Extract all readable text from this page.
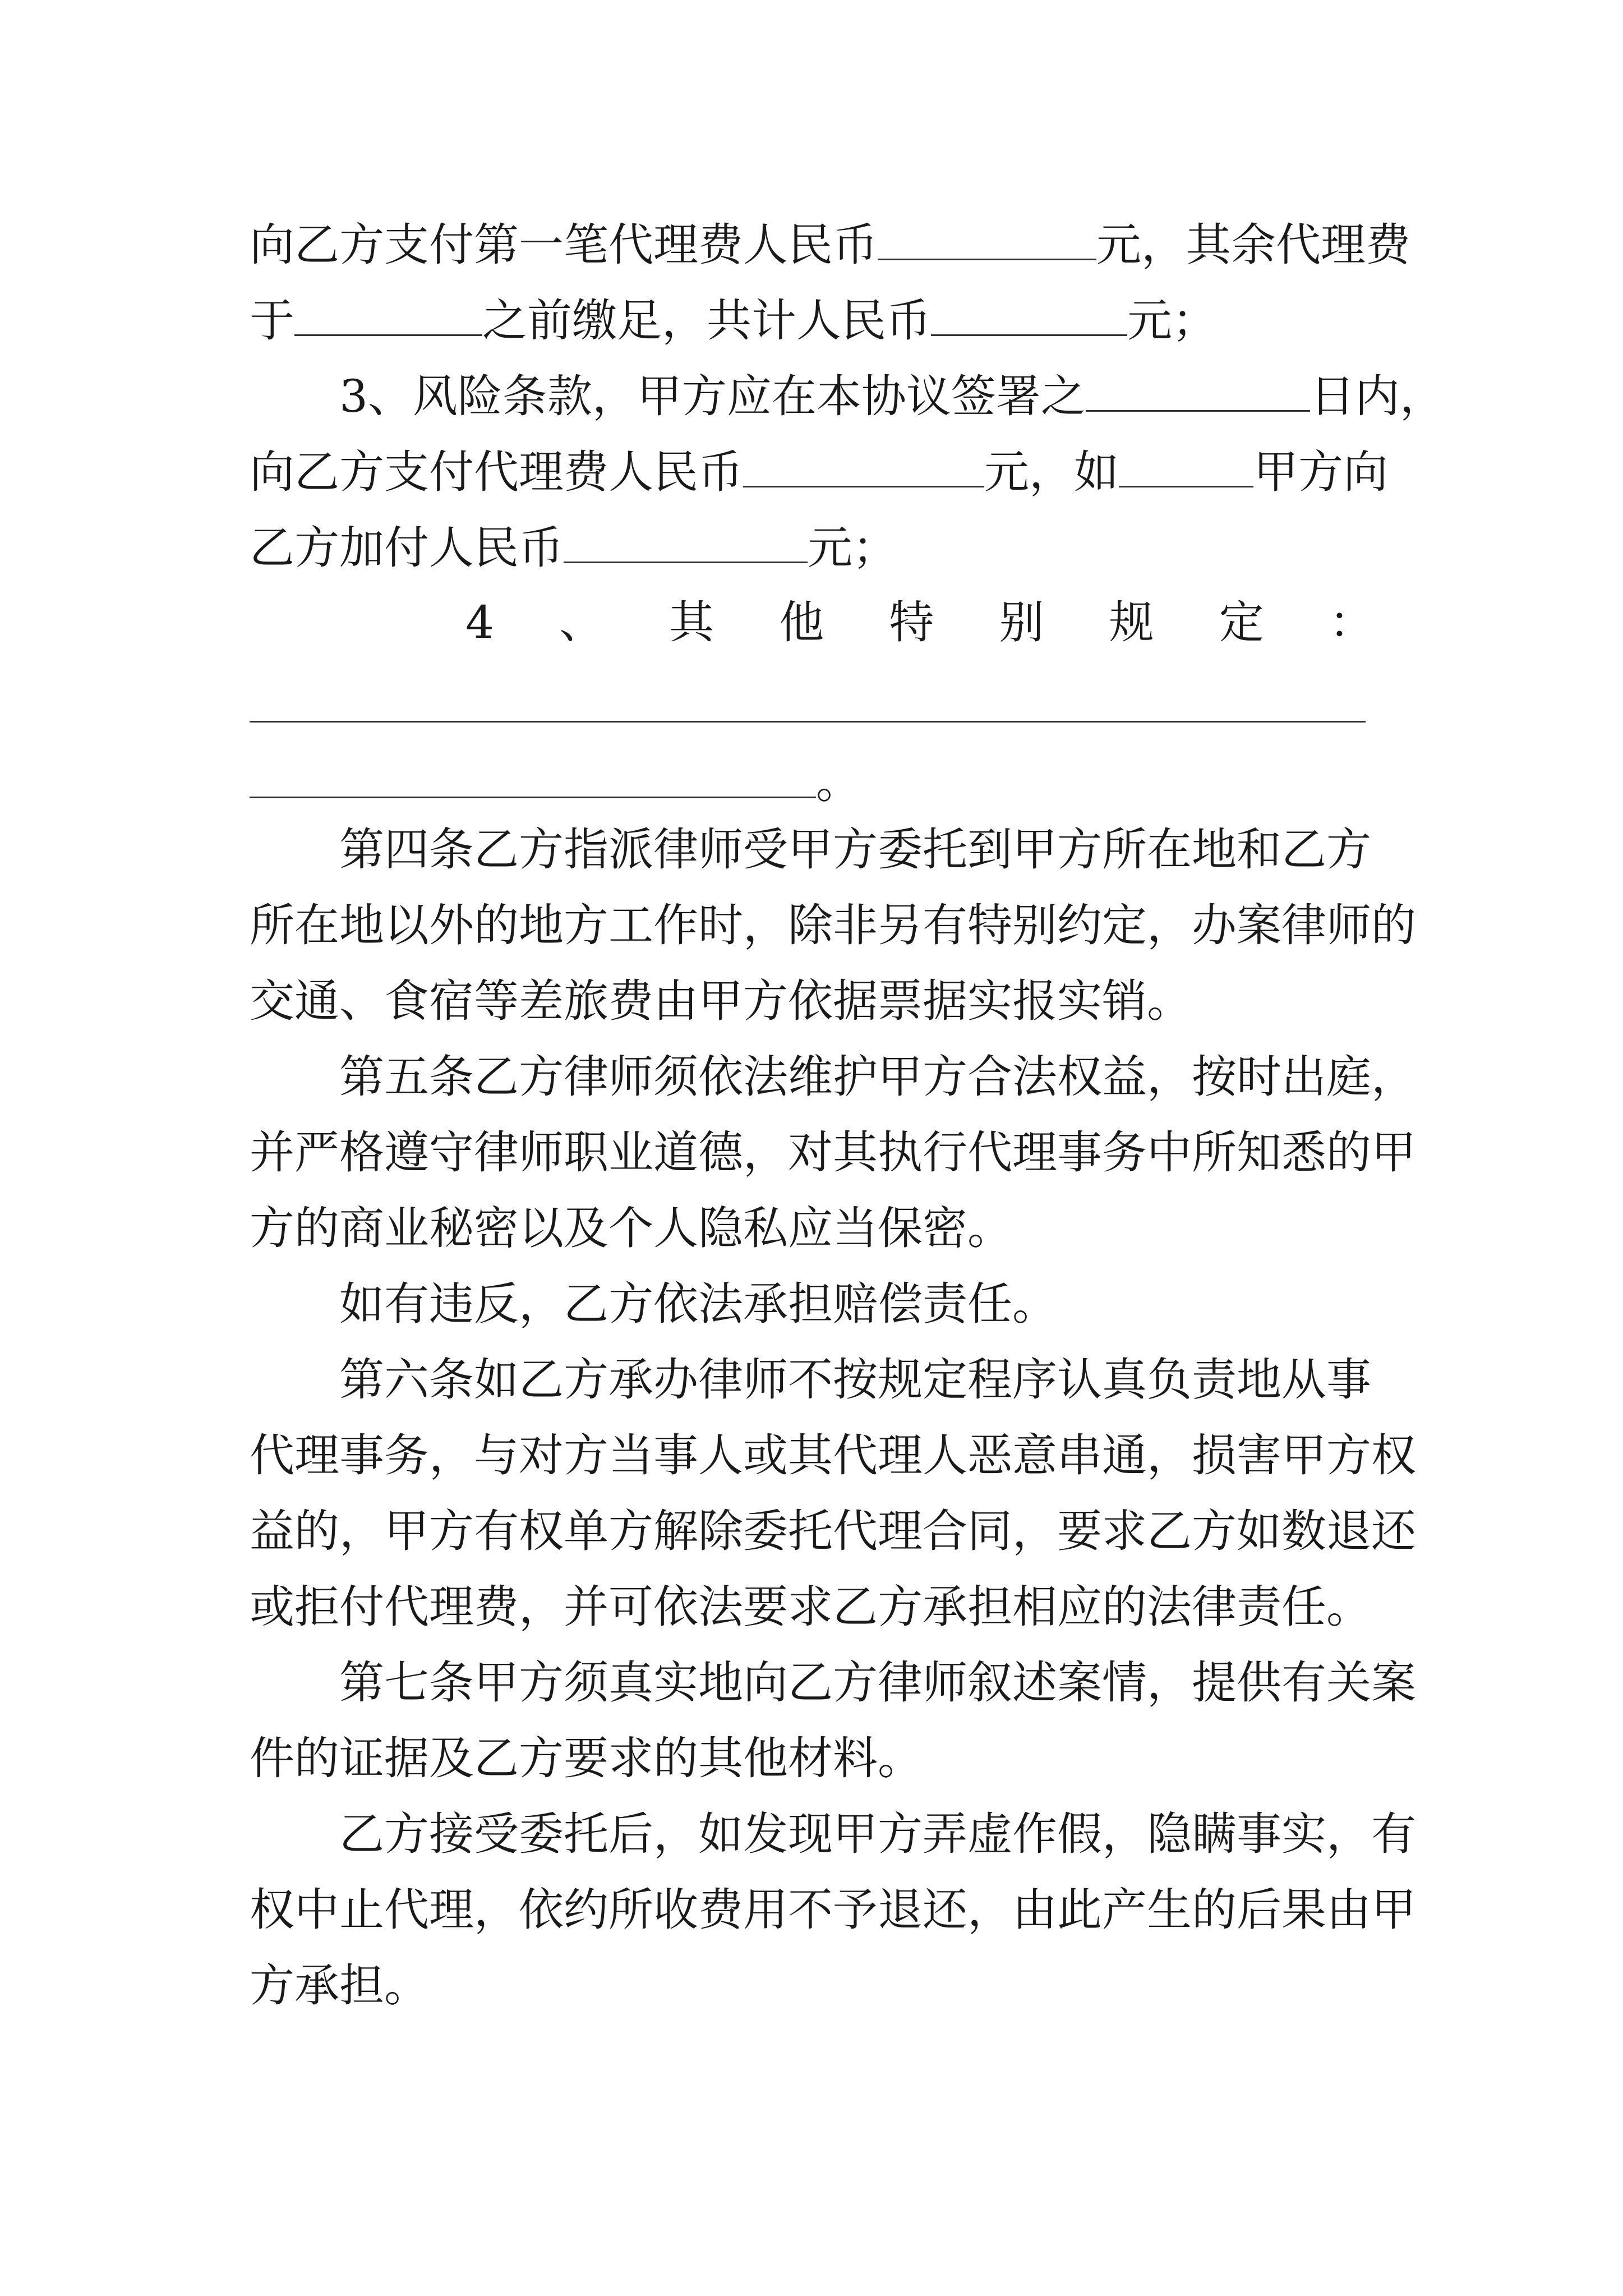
向乙方支付第一笔代理费人民币	元，其余代理费
于	之前缴足，共计人民币	元；
3、风险条款，甲方应在本协议签署之	日内，
向乙方支付代理费人民币	元，如	甲方向
乙方加付人民币	元；
4 、 其 他 特 别 规 定 ：
。
第四条乙方指派律师受甲方委托到甲方所在地和乙方
所在地以外的地方工作时，除非另有特别约定，办案律师的
交通、食宿等差旅费由甲方依据票据实报实销。
第五条乙方律师须依法维护甲方合法权益，按时出庭，
并严格遵守律师职业道德，对其执行代理事务中所知悉的甲
方的商业秘密以及个人隐私应当保密。
如有违反，乙方依法承担赔偿责任。
第六条如乙方承办律师不按规定程序认真负责地从事
代理事务，与对方当事人或其代理人恶意串通，损害甲方权
益的，甲方有权单方解除委托代理合同，要求乙方如数退还
或拒付代理费，并可依法要求乙方承担相应的法律责任。
第七条甲方须真实地向乙方律师叙述案情，提供有关案
件的证据及乙方要求的其他材料。
乙方接受委托后，如发现甲方弄虚作假，隐瞒事实，有
权中止代理，依约所收费用不予退还，由此产生的后果由甲
方承担。
